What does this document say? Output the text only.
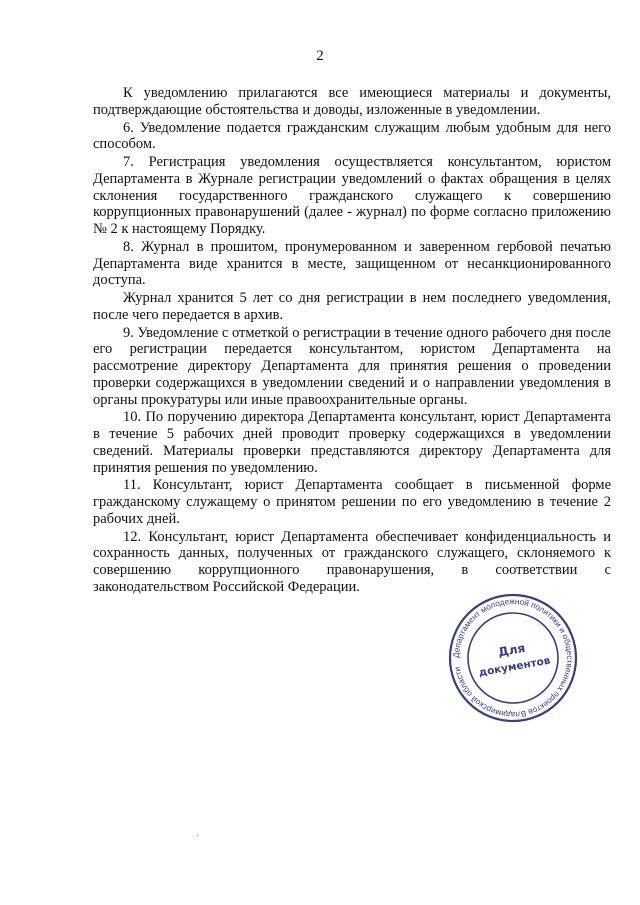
2

К уведомлению прилагаются все имеющиеся материалы и документы, подтверждающие обстоятельства и доводы, изложенные в уведомлении.

6. Уведомление подается гражданским служащим любым удобным для него способом.

7. Регистрация уведомления осуществляется консультантом, юристом Департамента в Журнале регистрации уведомлений о фактах обращения в целях склонения государственного гражданского служащего к совершению коррупционных правонарушений (далее - журнал) по форме согласно приложению № 2 к настоящему Порядку.

8. Журнал в прошитом, пронумерованном и заверенном гербовой печатью Департамента виде хранится в месте, защищенном от несанкционированного доступа.

Журнал хранится 5 лет со дня регистрации в нем последнего уведомления, после чего передается в архив.

9. Уведомление с отметкой о регистрации в течение одного рабочего дня после его регистрации передается консультантом, юристом Департамента на рассмотрение директору Департамента для принятия решения о проведении проверки содержащихся в уведомлении сведений и о направлении уведомления в органы прокуратуры или иные правоохранительные органы.

10. По поручению директора Департамента консультант, юрист Департамента в течение 5 рабочих дней проводит проверку содержащихся в уведомлении сведений. Материалы проверки представляются директору Департамента для принятия решения по уведомлению.

11. Консультант, юрист Департамента сообщает в письменной форме гражданскому служащему о принятом решении по его уведомлению в течение 2 рабочих дней.

12. Консультант, юрист Департамента обеспечивает конфиденциальность и сохранность данных, полученных от гражданского служащего, склоняемого к совершению коррупционного правонарушения, в соответствии с законодательством Российской Федерации.

Департамент молодежной политики и общественных проектов Владимирской области
Для
документов
·
